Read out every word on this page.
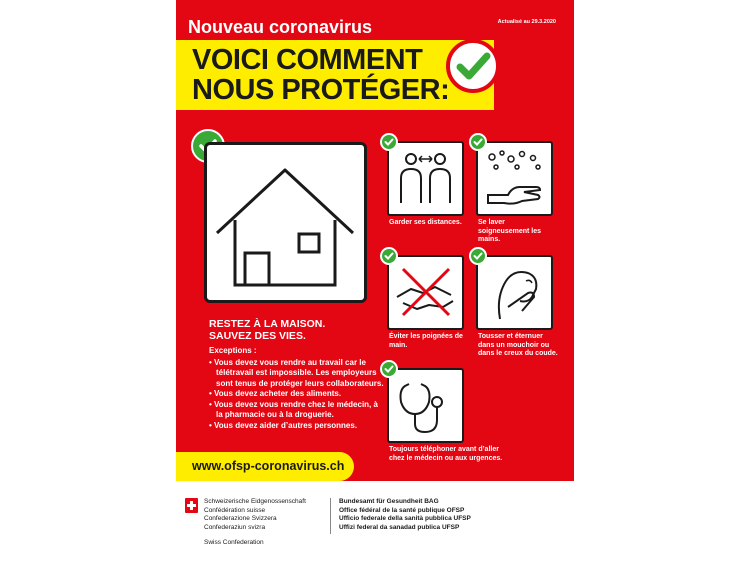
Nouveau coronavirus	Actualisé au 29.3.2020
VOICI COMMENT
NOUS PROTÉGER:
RESTEZ À LA MAISON.
SAUVEZ DES VIES.
Exceptions :
• Vous devez vous rendre au travail car le télétravail est impossible. Les employeurs sont tenus de protéger leurs collaborateurs.
• Vous devez acheter des aliments.
• Vous devez vous rendre chez le médecin, à la pharmacie ou à la droguerie.
• Vous devez aider d’autres personnes.
www.ofsp-coronavirus.ch
Garder ses distances.	Se laver soigneusement les mains.
Éviter les poignées de main.
Tousser et éternuer dans un mouchoir ou dans le creux du coude.
Toujours téléphoner avant d’aller chez le médecin ou aux urgences.
Schweizerische Eidgenossenschaft
Confédération suisse
Confederazione Svizzera
Confederaziun svizra
Swiss Confederation
Bundesamt für Gesundheit BAG
Office fédéral de la santé publique OFSP
Ufficio federale della sanità pubblica UFSP
Uffizi federal da sanadad publica UFSP
